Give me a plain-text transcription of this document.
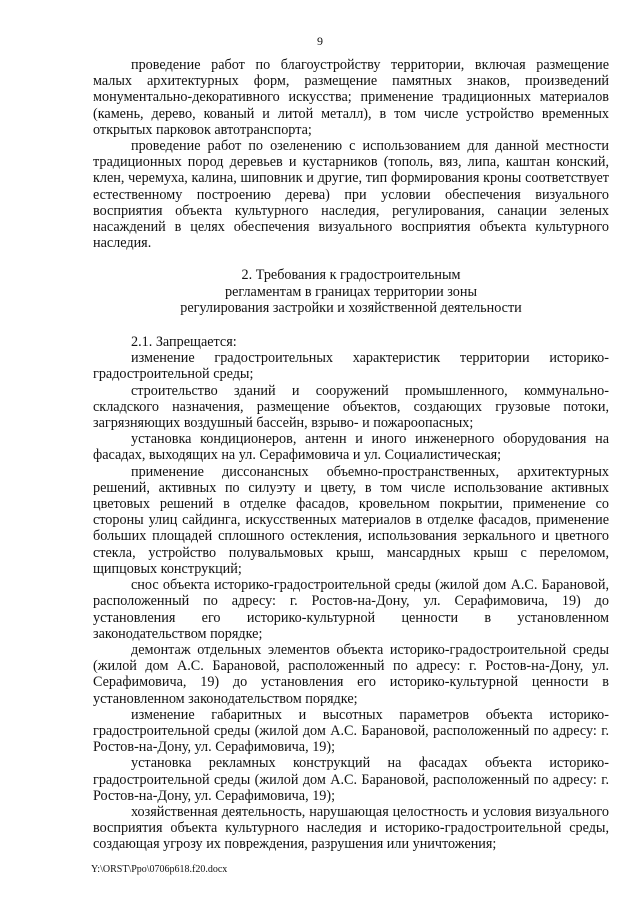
9

проведение работ по благоустройству территории, включая размещение малых архитектурных форм, размещение памятных знаков, произведений монументально-декоративного искусства; применение традиционных материалов (камень, дерево, кованый и литой металл), в том числе устройство временных открытых парковок автотранспорта;

проведение работ по озеленению с использованием для данной местности традиционных пород деревьев и кустарников (тополь, вяз, липа, каштан конский, клен, черемуха, калина, шиповник и другие, тип формирования кроны соответствует естественному построению дерева) при условии обеспечения визуального восприятия объекта культурного наследия, регулирования, санации зеленых насаждений в целях обеспечения визуального восприятия объекта культурного наследия.

2. Требования к градостроительным
регламентам в границах территории зоны
регулирования застройки и хозяйственной деятельности

2.1. Запрещается:

изменение градостроительных характеристик территории историко-градостроительной среды;

строительство зданий и сооружений промышленного, коммунально-складского назначения, размещение объектов, создающих грузовые потоки, загрязняющих воздушный бассейн, взрыво- и пожароопасных;

установка кондиционеров, антенн и иного инженерного оборудования на фасадах, выходящих на ул. Серафимовича и ул. Социалистическая;

применение диссонансных объемно-пространственных, архитектурных решений, активных по силуэту и цвету, в том числе использование активных цветовых решений в отделке фасадов, кровельном покрытии, применение со стороны улиц сайдинга, искусственных материалов в отделке фасадов, применение больших площадей сплошного остекления, использования зеркального и цветного стекла, устройство полувальмовых крыш, мансардных крыш с переломом, щипцовых конструкций;

снос объекта историко-градостроительной среды (жилой дом А.С. Барановой, расположенный по адресу: г. Ростов-на-Дону, ул. Серафимовича, 19) до установления его историко-культурной ценности в установленном законодательством порядке;

демонтаж отдельных элементов объекта историко-градостроительной среды (жилой дом А.С. Барановой, расположенный по адресу: г. Ростов-на-Дону, ул. Серафимовича, 19) до установления его историко-культурной ценности в установленном законодательством порядке;

изменение габаритных и высотных параметров объекта историко-градостроительной среды (жилой дом А.С. Барановой, расположенный по адресу: г. Ростов-на-Дону, ул. Серафимовича, 19);

установка рекламных конструкций на фасадах объекта историко-градостроительной среды (жилой дом А.С. Барановой, расположенный по адресу: г. Ростов-на-Дону, ул. Серафимовича, 19);

хозяйственная деятельность, нарушающая целостность и условия визуального восприятия объекта культурного наследия и историко-градостроительной среды, создающая угрозу их повреждения, разрушения или уничтожения;

Y:\ORST\Ppo\0706p618.f20.docx
